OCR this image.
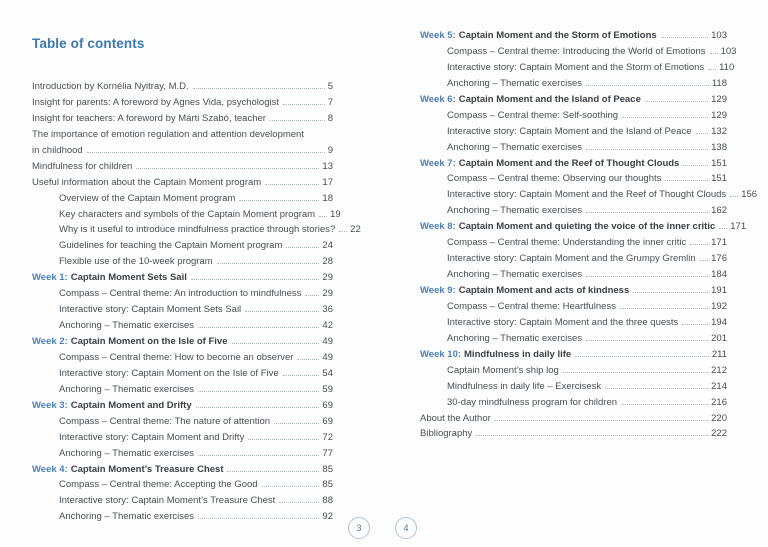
Table of contents
Introduction by Kornélia Nyitray, M.D.	5
Insight for parents: A foreword by Agnes Vida, psychologist	7
Insight for teachers: A foreword by Márti Szabó, teacher	8
The importance of emotion regulation and attention development
in childhood	9
Mindfulness for children	13
Useful information about the Captain Moment program	17
Overview of the Captain Moment program	18
Key characters and symbols of the Captain Moment program 19
Why is it useful to introduce mindfulness practice through stories? 22
Guidelines for teaching the Captain Moment program	24
Flexible use of the 10-week program	28
Week 1: Captain Moment Sets Sail	29
Compass – Central theme: An introduction to mindfulness 29
Interactive story: Captain Moment Sets Sail	36
Anchoring – Thematic exercises	42
Week 2: Captain Moment on the Isle of Five	49
Compass – Central theme: How to become an observer	49
Interactive story: Captain Moment on the Isle of Five	54
Anchoring – Thematic exercises	59
Week 3: Captain Moment and Drifty	69
Compass – Central theme: The nature of attention	69
Interactive story: Captain Moment and Drifty	72
Anchoring – Thematic exercises	77
Week 4: Captain Moment’s Treasure Chest	85
Compass – Central theme: Accepting the Good	85
Interactive story: Captain Moment’s Treasure Chest	88
Anchoring – Thematic exercises	92
Week 5: Captain Moment and the Storm of Emotions	103
Compass – Central theme: Introducing the World of Emotions 103
Interactive story: Captain Moment and the Storm of Emotions 110
Anchoring – Thematic exercises	118
Week 6: Captain Moment and the Island of Peace	129
Compass – Central theme: Self-soothing	129
Interactive story: Captain Moment and the Island of Peace 132
Anchoring – Thematic exercises	138
Week 7: Captain Moment and the Reef of Thought Clouds	151
Compass – Central theme: Observing our thoughts	151
Interactive story: Captain Moment and the Reef of Thought Clouds 156
Anchoring – Thematic exercises	162
Week 8: Captain Moment and quieting the voice of the inner critic 171
Compass – Central theme: Understanding the inner critic	171
Interactive story: Captain Moment and the Grumpy Gremlin 176
Anchoring – Thematic exercises	184
Week 9: Captain Moment and acts of kindness	191
Compass – Central theme: Heartfulness	192
Interactive story: Captain Moment and the three quests	194
Anchoring – Thematic exercises	201
Week 10: Mindfulness in daily life	211
Captain Moment’s ship log	212
Mindfulness in daily life – Exercisesk	214
30-day mindfulness program for children	216
About the Author	220
Bibliography	222
3	4
